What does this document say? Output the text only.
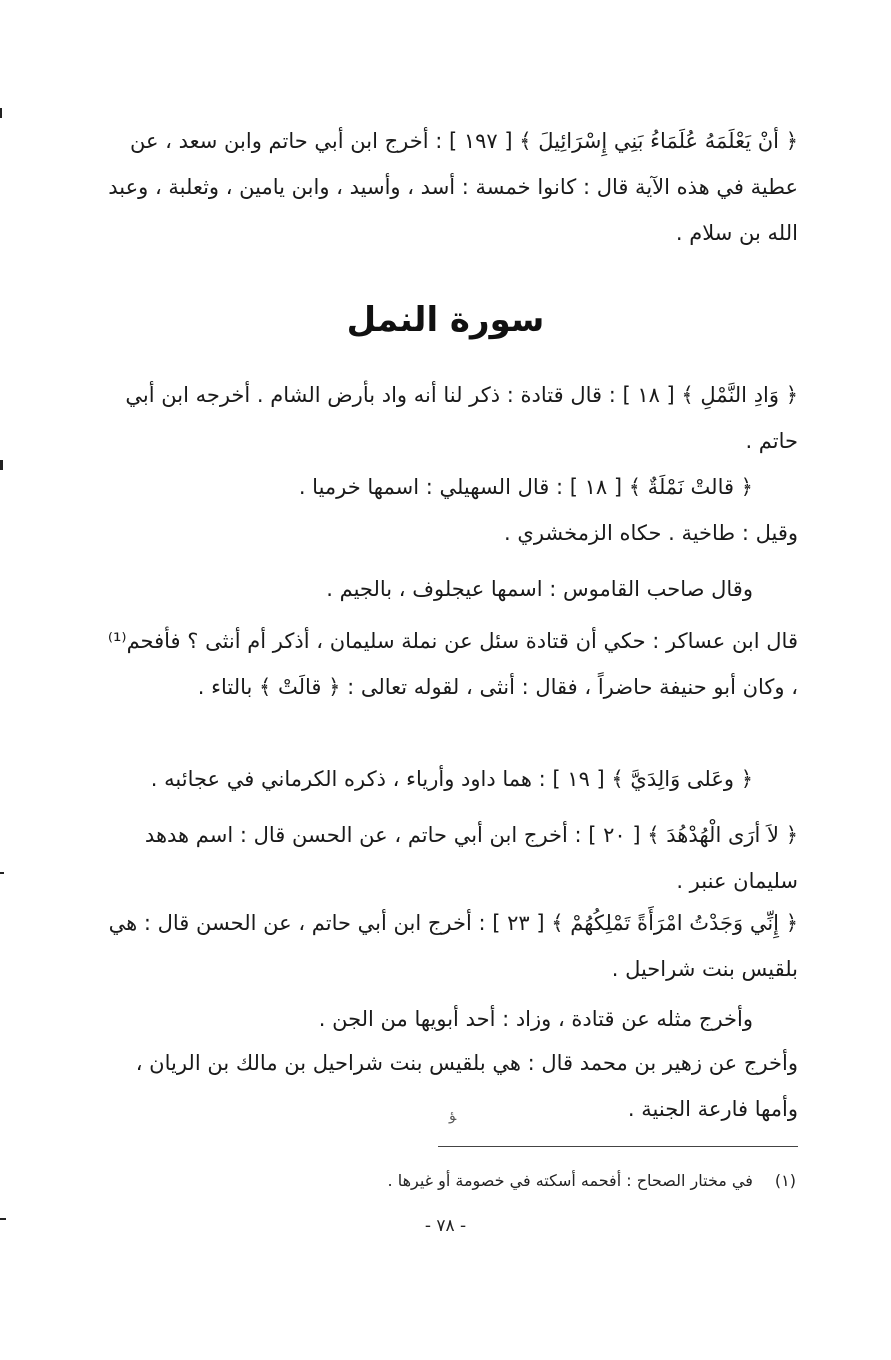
﴿ أنْ يَعْلَمَهُ عُلَمَاءُ بَنِي إِسْرَائِيلَ ﴾ [ ١٩٧ ] : أخرج ابن أبي حاتم وابن سعد ، عن عطية في هذه الآية قال : كانوا خمسة : أسد ، وأسيد ، وابن يامين ، وثعلبة ، وعبد الله بن سلام .

سورة النمل

﴿ وَادِ النَّمْلِ ﴾ [ ١٨ ] : قال قتادة : ذكر لنا أنه واد بأرض الشام . أخرجه ابن أبي حاتم .

﴿ قالتْ نَمْلَةٌ ﴾ [ ١٨ ] : قال السهيلي : اسمها خرميا .

وقيل : طاخية . حكاه الزمخشري .

وقال صاحب القاموس : اسمها عيجلوف ، بالجيم .

قال ابن عساكر : حكي أن قتادة سئل عن نملة سليمان ، أذكر أم أنثى ؟ فأفحم⁽¹⁾ ، وكان أبو حنيفة حاضراً ، فقال : أنثى ، لقوله تعالى : ﴿ قالَتْ ﴾ بالتاء .

﴿ وعَلى وَالِدَيَّ ﴾ [ ١٩ ] : هما داود وأرياء ، ذكره الكرماني في عجائبه .

﴿ لاَ أرَى الْهُدْهُدَ ﴾ [ ٢٠ ] : أخرج ابن أبي حاتم ، عن الحسن قال : اسم هدهد سليمان عنبر .

﴿ إِنِّي وَجَدْتُ امْرَأَةً تَمْلِكُهُمْ ﴾ [ ٢٣ ] : أخرج ابن أبي حاتم ، عن الحسن قال : هي بلقيس بنت شراحيل .

وأخرج مثله عن قتادة ، وزاد : أحد أبويها من الجن .

وأخرج عن زهير بن محمد قال : هي بلقيس بنت شراحيل بن مالك بن الريان ، وأمها فارعة الجنية .

ﺆ
(١)في مختار الصحاح : أفحمه أسكته في خصومة أو غيرها .
- ٧٨ -
